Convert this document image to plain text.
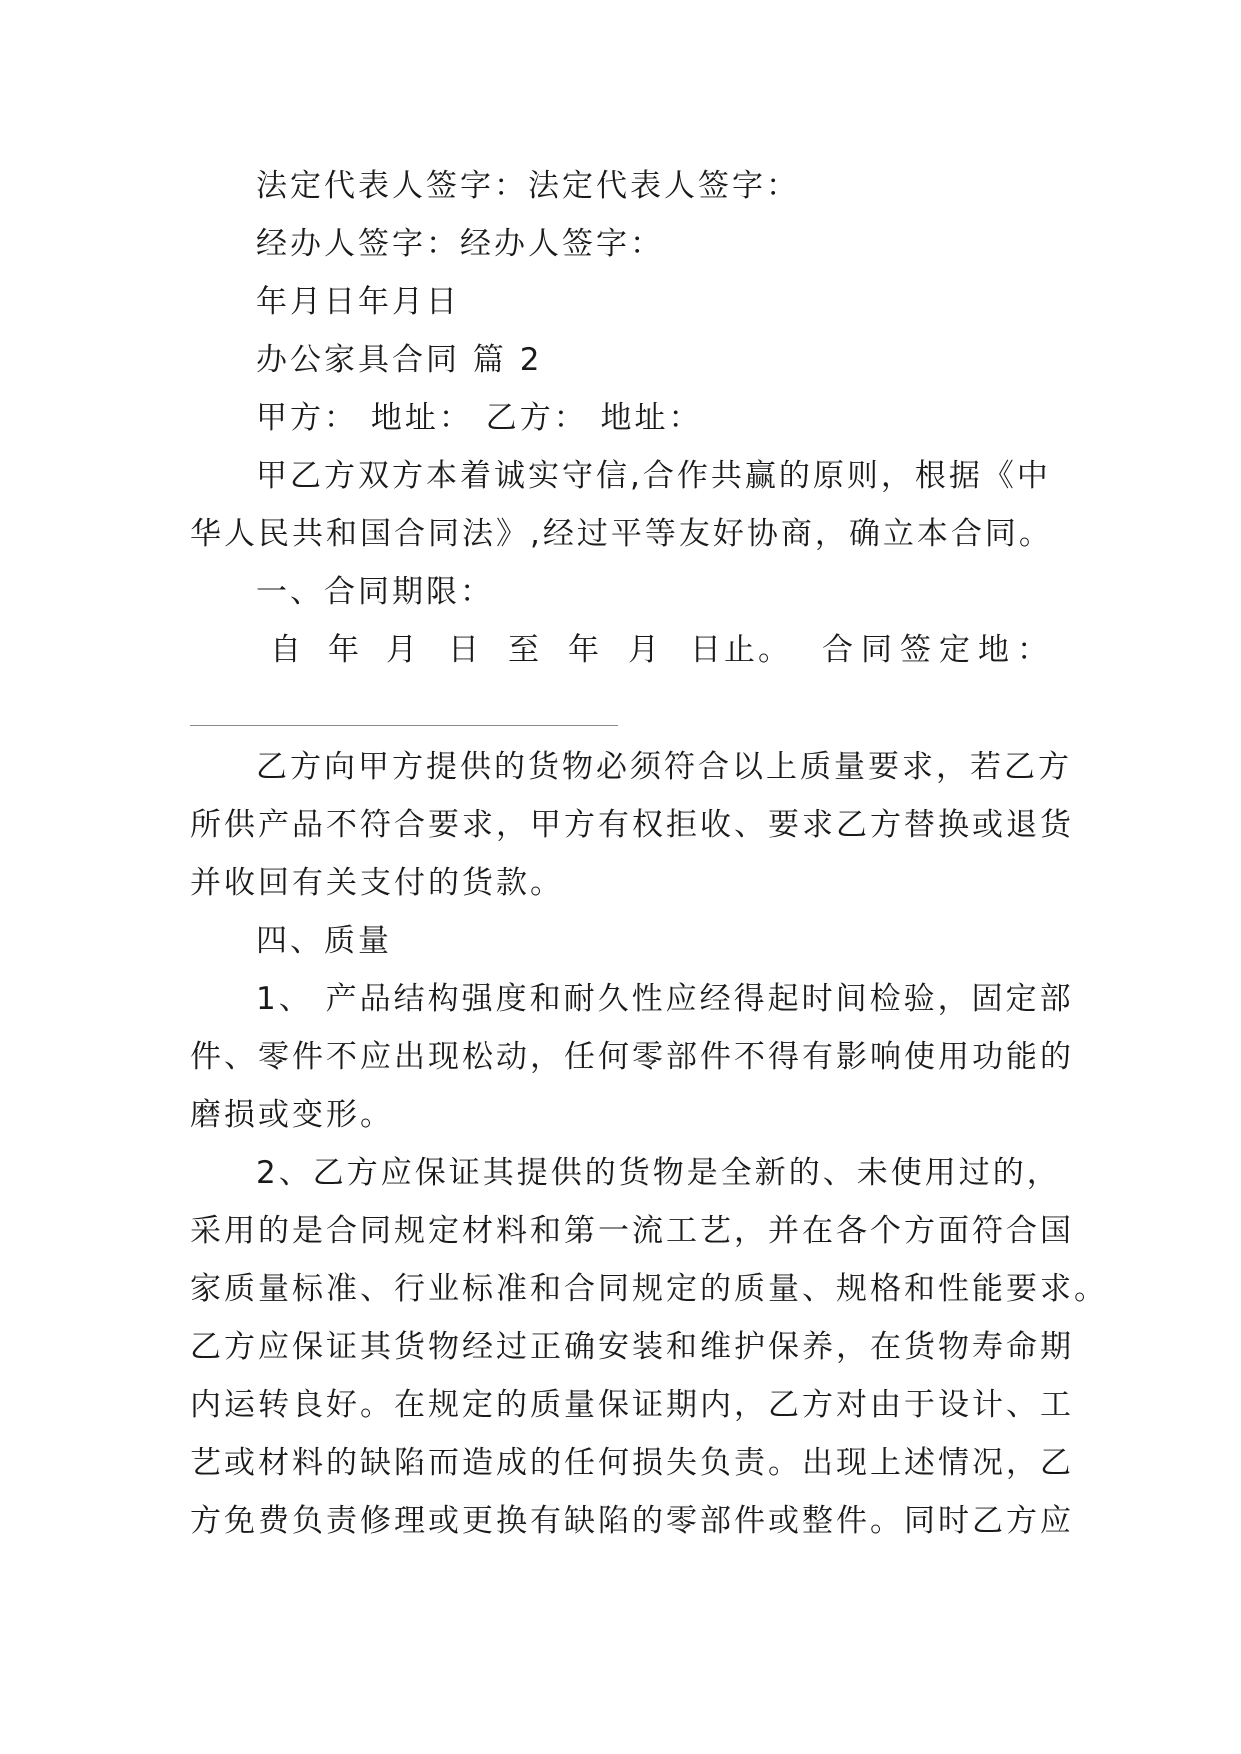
法定代表人签字：法定代表人签字：
经办人签字：经办人签字：
年月日年月日
办公家具合同 篇 2
甲方： 地址： 乙方： 地址：
甲乙方双方本着诚实守信,合作共赢的原则，根据《中
华人民共和国合同法》,经过平等友好协商，确立本合同。
一、合同期限：
自 年 月 日 至 年 月 日止。 合同签定地：
乙方向甲方提供的货物必须符合以上质量要求，若乙方
所供产品不符合要求，甲方有权拒收、要求乙方替换或退货
并收回有关支付的货款。
四、质量
1、 产品结构强度和耐久性应经得起时间检验，固定部
件、零件不应出现松动，任何零部件不得有影响使用功能的
磨损或变形。
2、乙方应保证其提供的货物是全新的、未使用过的，
采用的是合同规定材料和第一流工艺，并在各个方面符合国
家质量标准、行业标准和合同规定的质量、规格和性能要求。
乙方应保证其货物经过正确安装和维护保养，在货物寿命期
内运转良好。在规定的质量保证期内，乙方对由于设计、工
艺或材料的缺陷而造成的任何损失负责。出现上述情况，乙
方免费负责修理或更换有缺陷的零部件或整件。同时乙方应
